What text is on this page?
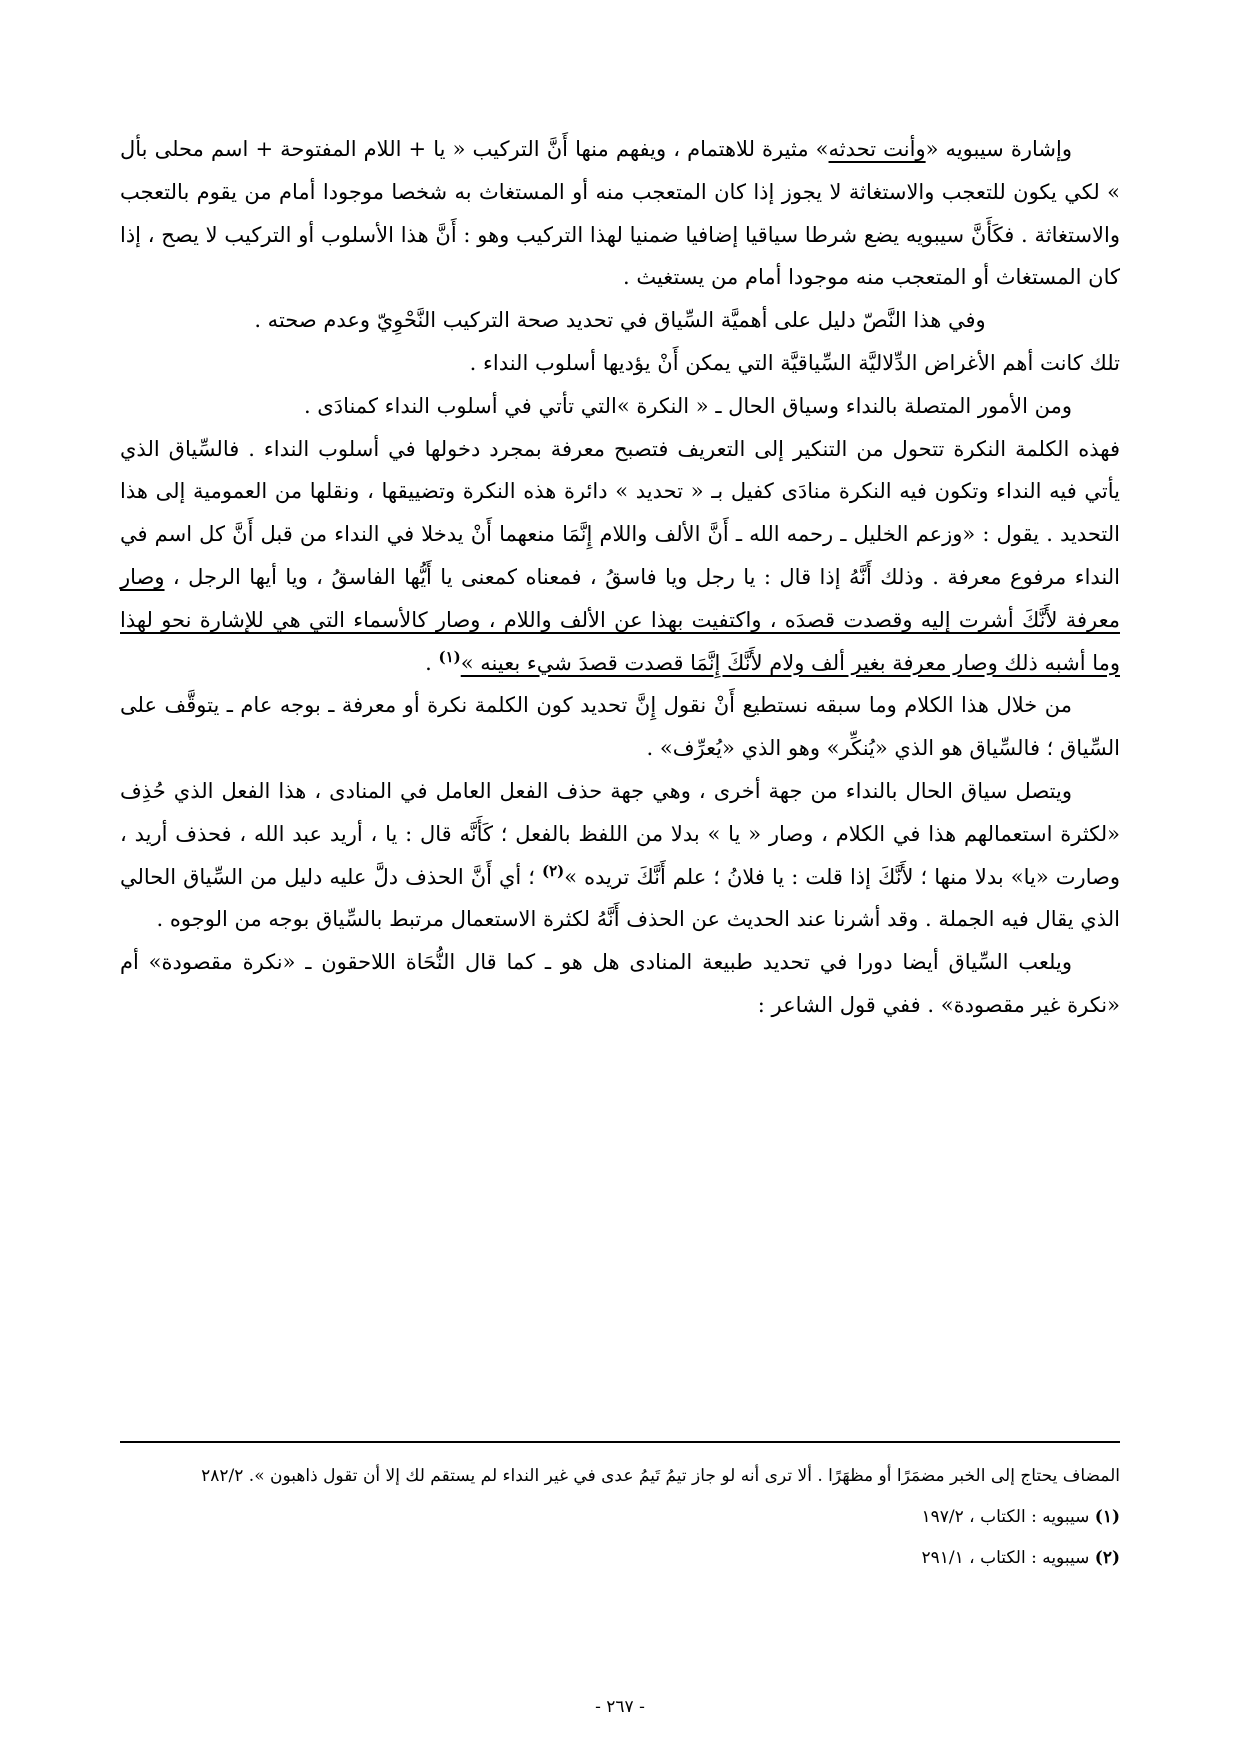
وإشارة سيبويه «وأنت تحدثه» مثيرة للاهتمام ، ويفهم منها أَنَّ التركيب « يا + اللام المفتوحة + اسم محلى بأل » لكي يكون للتعجب والاستغاثة لا يجوز إذا كان المتعجب منه أو المستغاث به شخصا موجودا أمام من يقوم بالتعجب والاستغاثة . فكَأَنَّ سيبويه يضع شرطا سياقيا إضافيا ضمنيا لهذا التركيب وهو : أَنَّ هذا الأسلوب أو التركيب لا يصح ، إذا كان المستغاث أو المتعجب منه موجودا أمام من يستغيث .

وفي هذا النَّصّ دليل على أهميَّة السِّياق في تحديد صحة التركيب النَّحْوِيّ وعدم صحته .

تلك كانت أهم الأغراض الدِّلاليَّة السِّياقيَّة التي يمكن أَنْ يؤديها أسلوب النداء .

ومن الأمور المتصلة بالنداء وسياق الحال ـ « النكرة »التي تأتي في أسلوب النداء كمنادَى .

فهذه الكلمة النكرة تتحول من التنكير إلى التعريف فتصبح معرفة بمجرد دخولها في أسلوب النداء . فالسِّياق الذي يأتي فيه النداء وتكون فيه النكرة منادَى كفيل بـ « تحديد » دائرة هذه النكرة وتضييقها ، ونقلها من العمومية إلى هذا التحديد . يقول : «وزعم الخليل ـ رحمه الله ـ أَنَّ الألف واللام إِنَّمَا منعهما أَنْ يدخلا في النداء من قبل أَنَّ كل اسم في النداء مرفوع معرفة . وذلك أَنَّهُ إذا قال : يا رجل ويا فاسقُ ، فمعناه كمعنى يا أَيُّها الفاسقُ ، ويا أيها الرجل ، وصار معرفة لأَنَّكَ أشرت إليه وقصدت قصدَه ، واكتفيت بهذا عن الألف واللام ، وصار كالأسماء التي هي للإشارة نحو لهذا وما أشبه ذلك وصار معرفة بغير ألف ولام لأَنَّكَ إِنَّمَا قصدت قصدَ شيء بعينه »$^{(١)}$ .

من خلال هذا الكلام وما سبقه نستطيع أَنْ نقول إِنَّ تحديد كون الكلمة نكرة أو معرفة ـ بوجه عام ـ يتوقَّف على السِّياق ؛ فالسِّياق هو الذي «يُنكِّر» وهو الذي «يُعرِّف» .

ويتصل سياق الحال بالنداء من جهة أخرى ، وهي جهة حذف الفعل العامل في المنادى ، هذا الفعل الذي حُذِف «لكثرة استعمالهم هذا في الكلام ، وصار « يا » بدلا من اللفظ بالفعل ؛ كَأَنَّه قال : يا ، أريد عبد الله ، فحذف أريد ، وصارت «يا» بدلا منها ؛ لأَنَّكَ إذا قلت : يا فلانُ ؛ علم أَنَّكَ تريده »$^{(٢)}$ ؛ أي أَنَّ الحذف دلَّ عليه دليل من السِّياق الحالي الذي يقال فيه الجملة . وقد أشرنا عند الحديث عن الحذف أَنَّهُ لكثرة الاستعمال مرتبط بالسِّياق بوجه من الوجوه .

ويلعب السِّياق أيضا دورا في تحديد طبيعة المنادى هل هو ـ كما قال النُّحَاة اللاحقون ـ «نكرة مقصودة» أم «نكرة غير مقصودة» . ففي قول الشاعر :

المضاف يحتاج إلى الخبر مضمَرًا أو مظهَرًا . ألا ترى أنه لو جاز تيمُ تَيمُ عدى في غير النداء لم يستقم لك إلا أن تقول ذاهبون ». ٢٨٢/٢

(١) سيبويه : الكتاب ، ١٩٧/٢

(٢) سيبويه : الكتاب ، ٢٩١/١

- ٢٦٧ -
